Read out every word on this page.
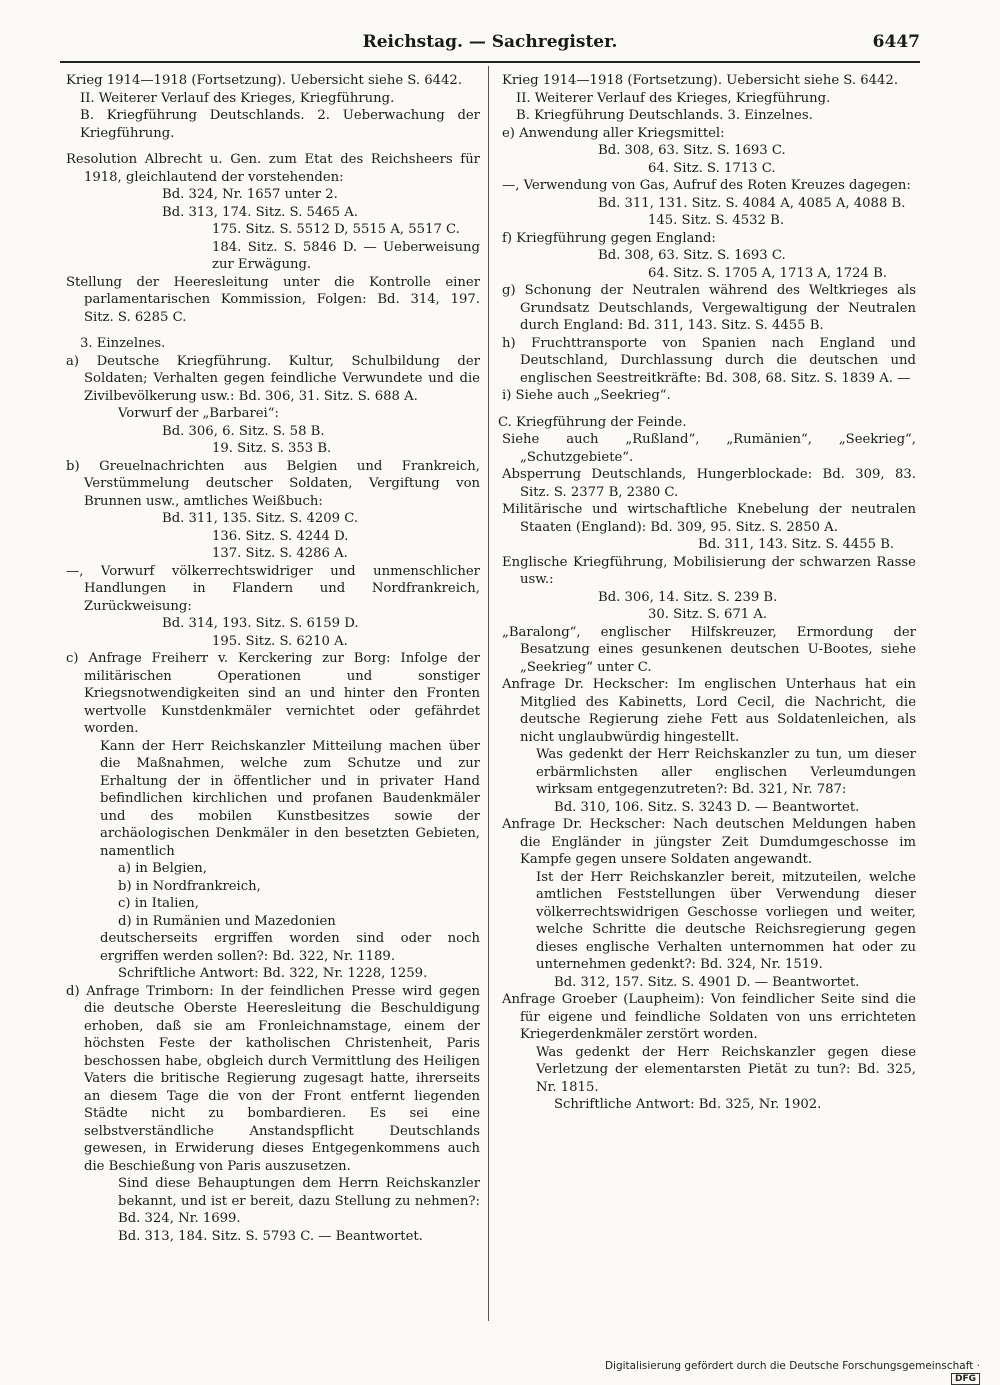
Reichstag. — Sachregister.	6447

Krieg 1914—1918 (Fortsetzung). Uebersicht siehe S. 6442.

II. Weiterer Verlauf des Krieges, Kriegführung.

B. Kriegführung Deutschlands. 2. Ueberwachung der Kriegführung.

Resolution Albrecht u. Gen. zum Etat des Reichsheers für 1918, gleichlautend der vorstehenden:

Bd. 324, Nr. 1657 unter 2.

Bd. 313, 174. Sitz. S. 5465 A.

175. Sitz. S. 5512 D, 5515 A, 5517 C.

184. Sitz. S. 5846 D. — Ueberweisung zur Erwägung.

Stellung der Heeresleitung unter die Kontrolle einer parlamentarischen Kommission, Folgen: Bd. 314, 197. Sitz. S. 6285 C.

3. Einzelnes.

a) Deutsche Kriegführung. Kultur, Schulbildung der Soldaten; Verhalten gegen feindliche Verwundete und die Zivilbevölkerung usw.: Bd. 306, 31. Sitz. S. 688 A.

Vorwurf der „Barbarei“:

Bd. 306, 6. Sitz. S. 58 B.

19. Sitz. S. 353 B.

b) Greuelnachrichten aus Belgien und Frankreich, Verstümmelung deutscher Soldaten, Vergiftung von Brunnen usw., amtliches Weißbuch:

Bd. 311, 135. Sitz. S. 4209 C.

136. Sitz. S. 4244 D.

137. Sitz. S. 4286 A.

—, Vorwurf völkerrechtswidriger und unmenschlicher Handlungen in Flandern und Nordfrankreich, Zurückweisung:

Bd. 314, 193. Sitz. S. 6159 D.

195. Sitz. S. 6210 A.

c) Anfrage Freiherr v. Kerckering zur Borg: Infolge der militärischen Operationen und sonstiger Kriegsnotwendigkeiten sind an und hinter den Fronten wertvolle Kunstdenkmäler vernichtet oder gefährdet worden.

Kann der Herr Reichskanzler Mitteilung machen über die Maßnahmen, welche zum Schutze und zur Erhaltung der in öffentlicher und in privater Hand befindlichen kirchlichen und profanen Baudenkmäler und des mobilen Kunstbesitzes sowie der archäologischen Denkmäler in den besetzten Gebieten, namentlich

a) in Belgien,

b) in Nordfrankreich,

c) in Italien,

d) in Rumänien und Mazedonien

deutscherseits ergriffen worden sind oder noch ergriffen werden sollen?: Bd. 322, Nr. 1189.

Schriftliche Antwort: Bd. 322, Nr. 1228, 1259.

d) Anfrage Trimborn: In der feindlichen Presse wird gegen die deutsche Oberste Heeresleitung die Beschuldigung erhoben, daß sie am Fronleichnamstage, einem der höchsten Feste der katholischen Christenheit, Paris beschossen habe, obgleich durch Vermittlung des Heiligen Vaters die britische Regierung zugesagt hatte, ihrerseits an diesem Tage die von der Front entfernt liegenden Städte nicht zu bombardieren. Es sei eine selbstverständliche Anstandspflicht Deutschlands gewesen, in Erwiderung dieses Entgegenkommens auch die Beschießung von Paris auszusetzen.

Sind diese Behauptungen dem Herrn Reichskanzler bekannt, und ist er bereit, dazu Stellung zu nehmen?: Bd. 324, Nr. 1699.

Bd. 313, 184. Sitz. S. 5793 C. — Beantwortet.

Krieg 1914—1918 (Fortsetzung). Uebersicht siehe S. 6442.

II. Weiterer Verlauf des Krieges, Kriegführung.

B. Kriegführung Deutschlands. 3. Einzelnes.

e) Anwendung aller Kriegsmittel:

Bd. 308, 63. Sitz. S. 1693 C.

64. Sitz. S. 1713 C.

—, Verwendung von Gas, Aufruf des Roten Kreuzes dagegen:

Bd. 311, 131. Sitz. S. 4084 A, 4085 A, 4088 B.

145. Sitz. S. 4532 B.

f) Kriegführung gegen England:

Bd. 308, 63. Sitz. S. 1693 C.

64. Sitz. S. 1705 A, 1713 A, 1724 B.

g) Schonung der Neutralen während des Weltkrieges als Grundsatz Deutschlands, Vergewaltigung der Neutralen durch England: Bd. 311, 143. Sitz. S. 4455 B.

h) Fruchttransporte von Spanien nach England und Deutschland, Durchlassung durch die deutschen und englischen Seestreitkräfte: Bd. 308, 68. Sitz. S. 1839 A. —

i) Siehe auch „Seekrieg“.

C. Kriegführung der Feinde.

Siehe auch „Rußland“, „Rumänien“, „Seekrieg“, „Schutzgebiete“.

Absperrung Deutschlands, Hungerblockade: Bd. 309, 83. Sitz. S. 2377 B, 2380 C.

Militärische und wirtschaftliche Knebelung der neutralen Staaten (England): Bd. 309, 95. Sitz. S. 2850 A.

Bd. 311, 143. Sitz. S. 4455 B.

Englische Kriegführung, Mobilisierung der schwarzen Rasse usw.:

Bd. 306, 14. Sitz. S. 239 B.

30. Sitz. S. 671 A.

„Baralong“, englischer Hilfskreuzer, Ermordung der Besatzung eines gesunkenen deutschen U-Bootes, siehe „Seekrieg“ unter C.

Anfrage Dr. Heckscher: Im englischen Unterhaus hat ein Mitglied des Kabinetts, Lord Cecil, die Nachricht, die deutsche Regierung ziehe Fett aus Soldatenleichen, als nicht unglaubwürdig hingestellt.

Was gedenkt der Herr Reichskanzler zu tun, um dieser erbärmlichsten aller englischen Verleumdungen wirksam entgegenzutreten?: Bd. 321, Nr. 787:

Bd. 310, 106. Sitz. S. 3243 D. — Beantwortet.

Anfrage Dr. Heckscher: Nach deutschen Meldungen haben die Engländer in jüngster Zeit Dumdumgeschosse im Kampfe gegen unsere Soldaten angewandt.

Ist der Herr Reichskanzler bereit, mitzuteilen, welche amtlichen Feststellungen über Verwendung dieser völkerrechtswidrigen Geschosse vorliegen und weiter, welche Schritte die deutsche Reichsregierung gegen dieses englische Verhalten unternommen hat oder zu unternehmen gedenkt?: Bd. 324, Nr. 1519.

Bd. 312, 157. Sitz. S. 4901 D. — Beantwortet.

Anfrage Groeber (Laupheim): Von feindlicher Seite sind die für eigene und feindliche Soldaten von uns errichteten Kriegerdenkmäler zerstört worden.

Was gedenkt der Herr Reichskanzler gegen diese Verletzung der elementarsten Pietät zu tun?: Bd. 325, Nr. 1815.

Schriftliche Antwort: Bd. 325, Nr. 1902.

Digitalisierung gefördert durch die Deutsche Forschungsgemeinschaft ·DFG
